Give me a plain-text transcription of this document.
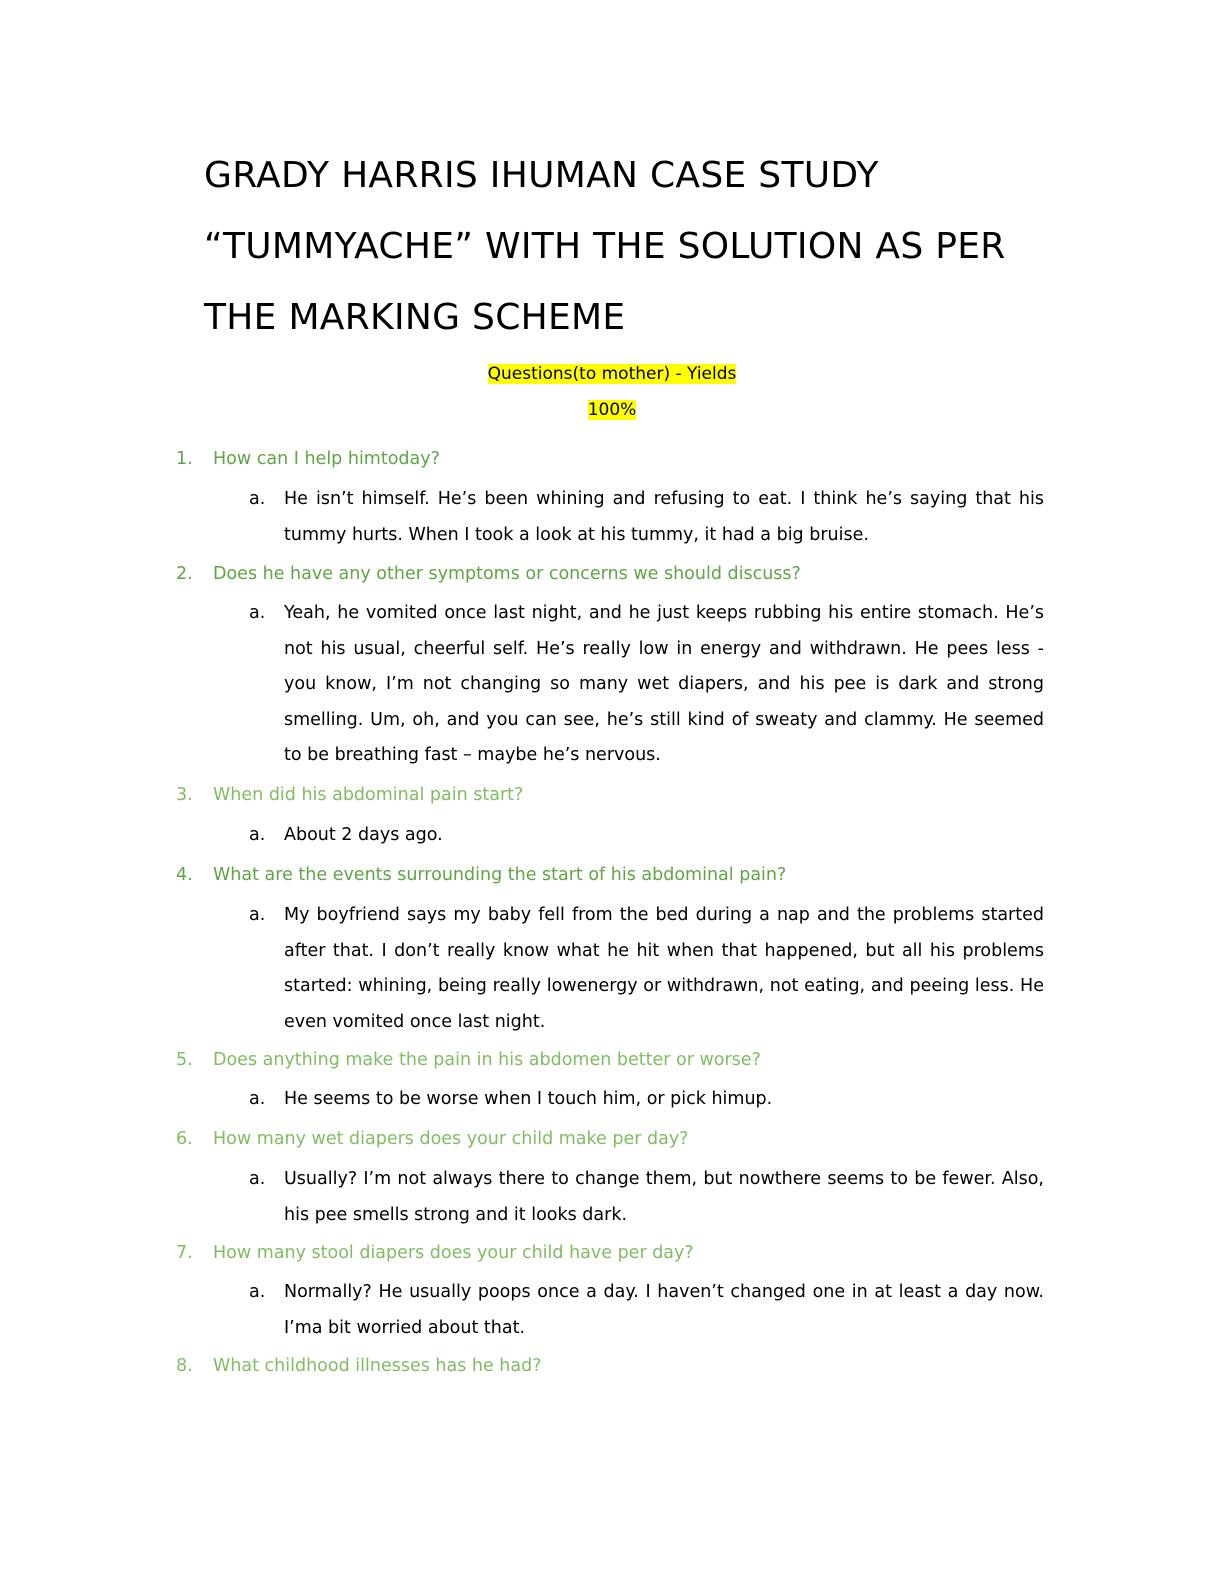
GRADY HARRIS IHUMAN CASE STUDY
“TUMMYACHE” WITH THE SOLUTION AS PER
THE MARKING SCHEME
Questions(to mother) - Yields
100%
1. How can I help himtoday?
a. He isn’t himself. He’s been whining and refusing to eat. I think he’s saying that his tummy hurts. When I took a look at his tummy, it had a big bruise.
2. Does he have any other symptoms or concerns we should discuss?
a. Yeah, he vomited once last night, and he just keeps rubbing his entire stomach. He’s not his usual, cheerful self. He’s really low in energy and withdrawn. He pees less - you know, I’m not changing so many wet diapers, and his pee is dark and strong smelling. Um, oh, and you can see, he’s still kind of sweaty and clammy. He seemed to be breathing fast – maybe he’s nervous.
3. When did his abdominal pain start?
a. About 2 days ago.
4. What are the events surrounding the start of his abdominal pain?
a. My boyfriend says my baby fell from the bed during a nap and the problems started after that. I don’t really know what he hit when that happened, but all his problems started: whining, being really lowenergy or withdrawn, not eating, and peeing less. He even vomited once last night.
5. Does anything make the pain in his abdomen better or worse?
a. He seems to be worse when I touch him, or pick himup.
6. How many wet diapers does your child make per day?
a. Usually? I’m not always there to change them, but nowthere seems to be fewer. Also, his pee smells strong and it looks dark.
7. How many stool diapers does your child have per day?
a. Normally? He usually poops once a day. I haven’t changed one in at least a day now. I’ma bit worried about that.
8. What childhood illnesses has he had?
